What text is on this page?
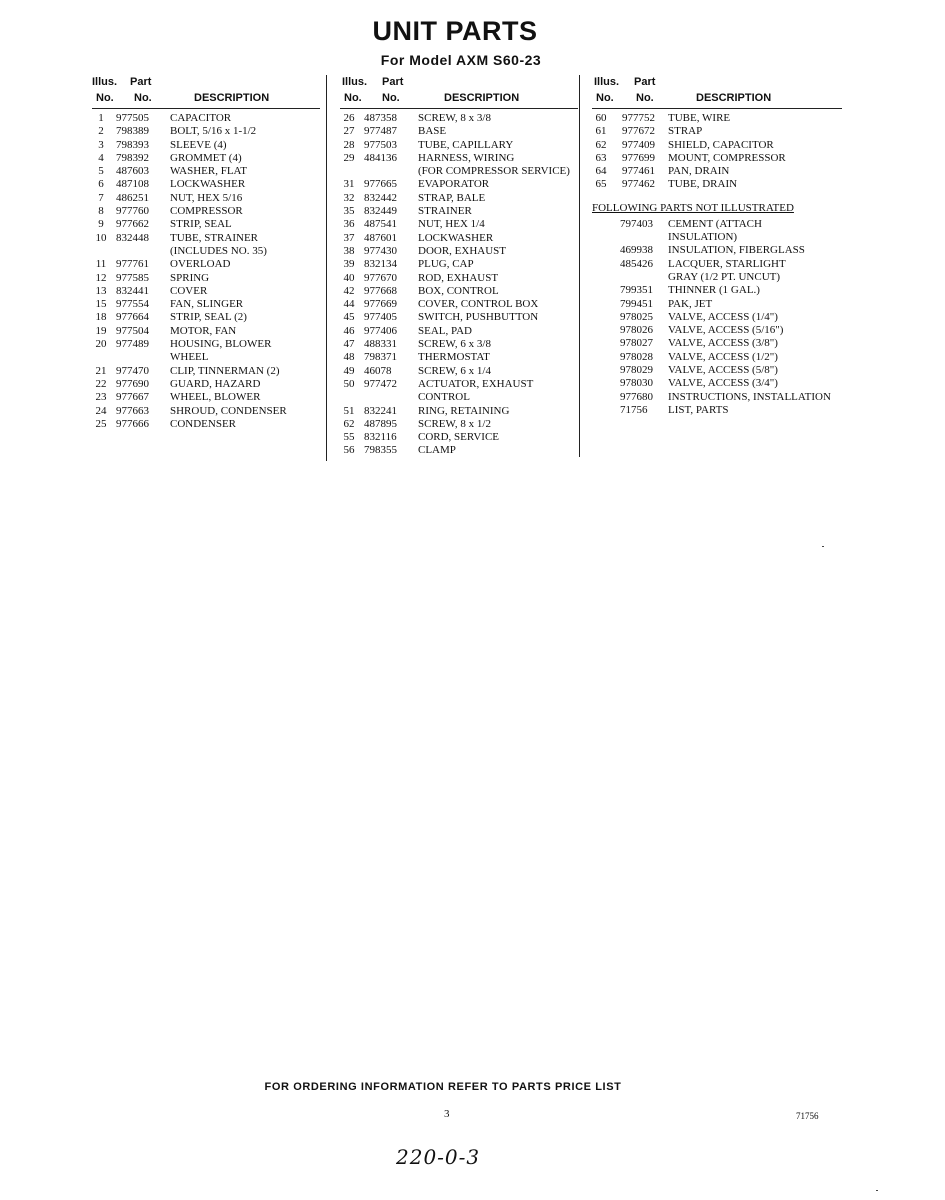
UNIT PARTS
For Model AXM S60-23
Illus. Part
No. No.	DESCRIPTION
1	977505 CAPACITOR
2	798389 BOLT, 5/16 x 1-1/2
3	798393 SLEEVE (4)
4	798392 GROMMET (4)
5	487603 WASHER, FLAT
6	487108 LOCKWASHER
7	486251 NUT, HEX 5/16
8	977760 COMPRESSOR
9	977662 STRIP, SEAL
10 832448 TUBE, STRAINER
(INCLUDES NO. 35)
11 977761 OVERLOAD
12 977585 SPRING
13 832441 COVER
15 977554 FAN, SLINGER
18 977664 STRIP, SEAL (2)
19 977504 MOTOR, FAN
20 977489 HOUSING, BLOWER
WHEEL
21 977470 CLIP, TINNERMAN (2)
22 977690 GUARD, HAZARD
23 977667 WHEEL, BLOWER
24 977663 SHROUD, CONDENSER
25 977666 CONDENSER
Illus. Part
No. No.	DESCRIPTION
26 487358 SCREW, 8 x 3/8
27 977487 BASE
28 977503 TUBE, CAPILLARY
29 484136 HARNESS, WIRING
(FOR COMPRESSOR SERVICE)
31 977665 EVAPORATOR
32 832442 STRAP, BALE
35 832449 STRAINER
36 487541 NUT, HEX 1/4
37 487601 LOCKWASHER
38 977430 DOOR, EXHAUST
39 832134 PLUG, CAP
40 977670 ROD, EXHAUST
42 977668 BOX, CONTROL
44 977669 COVER, CONTROL BOX
45 977405 SWITCH, PUSHBUTTON
46 977406 SEAL, PAD
47 488331 SCREW, 6 x 3/8
48 798371 THERMOSTAT
49 46078 SCREW, 6 x 1/4
50 977472 ACTUATOR, EXHAUST
CONTROL
51 832241 RING, RETAINING
62 487895 SCREW, 8 x 1/2
55 832116 CORD, SERVICE
56 798355 CLAMP
Illus. Part
No. No.	DESCRIPTION
60	977752 TUBE, WIRE
61	977672 STRAP
62	977409 SHIELD, CAPACITOR
63	977699 MOUNT, COMPRESSOR
64	977461 PAN, DRAIN
65	977462 TUBE, DRAIN
FOLLOWING PARTS NOT ILLUSTRATED
797403 CEMENT (ATTACH
INSULATION)
469938 INSULATION, FIBERGLASS
485426 LACQUER, STARLIGHT
GRAY (1/2 PT. UNCUT)
799351 THINNER (1 GAL.)
799451 PAK, JET
978025 VALVE, ACCESS (1/4")
978026 VALVE, ACCESS (5/16")
978027 VALVE, ACCESS (3/8")
978028 VALVE, ACCESS (1/2")
978029 VALVE, ACCESS (5/8")
978030 VALVE, ACCESS (3/4")
977680 INSTRUCTIONS, INSTALLATION
71756 LIST, PARTS
FOR ORDERING INFORMATION REFER TO PARTS PRICE LIST
3	71756
220-0-3
